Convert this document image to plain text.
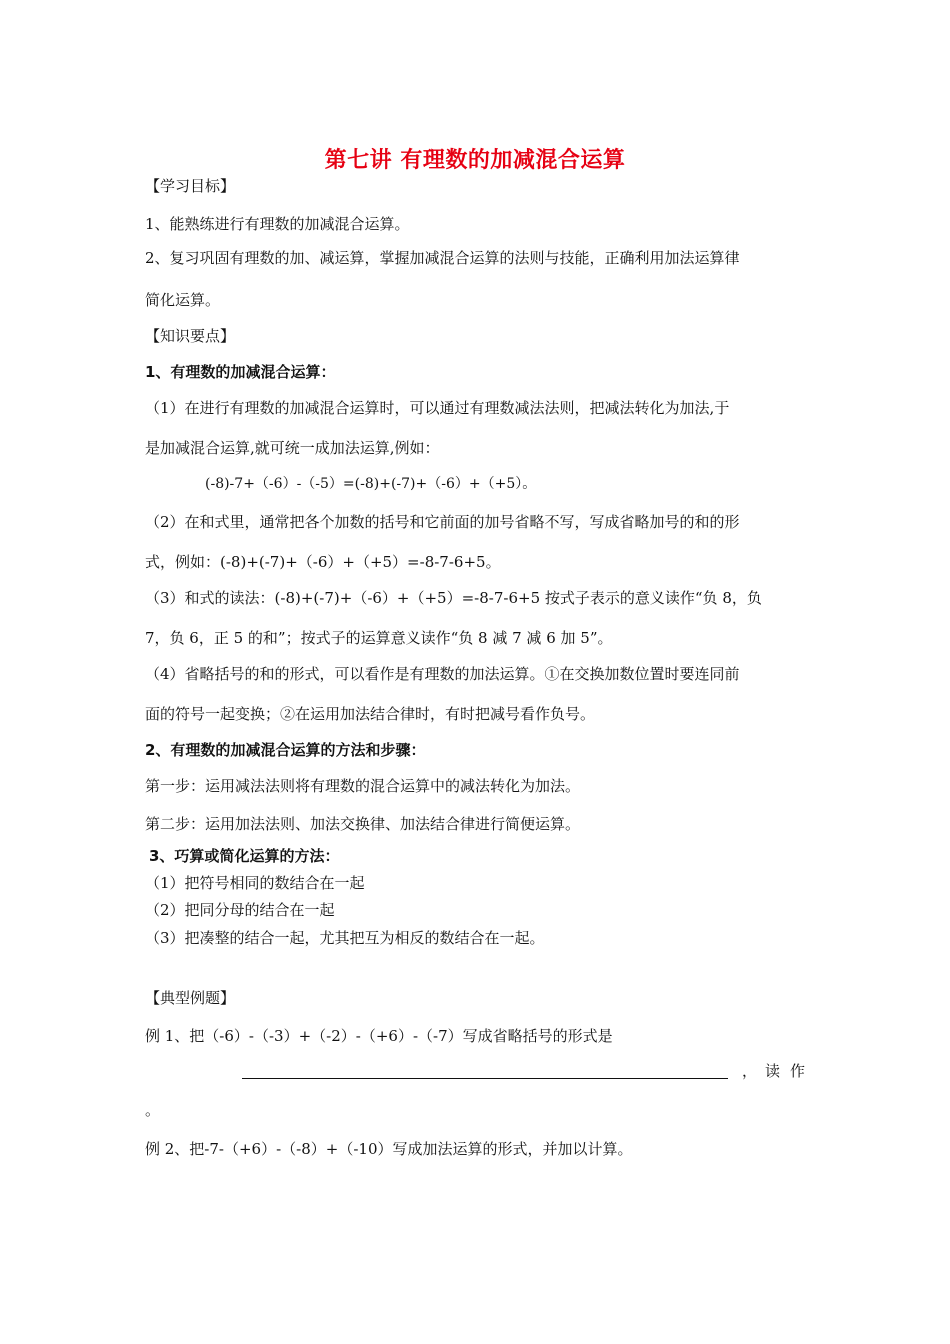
第七讲 有理数的加减混合运算
【学习目标】
1、能熟练进行有理数的加减混合运算。
2、复习巩固有理数的加、减运算，掌握加减混合运算的法则与技能，正确利用加法运算律
简化运算。
【知识要点】
1、有理数的加减混合运算：
（1）在进行有理数的加减混合运算时，可以通过有理数减法法则，把减法转化为加法,于
是加减混合运算,就可统一成加法运算,例如：
(-8)-7+（-6）-（-5）=(-8)+(-7)+（-6）+（+5）。
（2）在和式里，通常把各个加数的括号和它前面的加号省略不写，写成省略加号的和的形
式，例如：(-8)+(-7)+（-6）+（+5）=-8-7-6+5。
（3）和式的读法：(-8)+(-7)+（-6）+（+5）=-8-7-6+5 按式子表示的意义读作“负 8，负
7，负 6，正 5 的和”；按式子的运算意义读作“负 8 减 7 减 6 加 5”。
（4）省略括号的和的形式，可以看作是有理数的加法运算。①在交换加数位置时要连同前
面的符号一起变换；②在运用加法结合律时，有时把减号看作负号。
2、有理数的加减混合运算的方法和步骤：
第一步：运用减法法则将有理数的混合运算中的减法转化为加法。
第二步：运用加法法则、加法交换律、加法结合律进行简便运算。
3、巧算或简化运算的方法：
（1）把符号相同的数结合在一起
（2）把同分母的结合在一起
（3）把凑整的结合一起，尤其把互为相反的数结合在一起。
【典型例题】
例 1、把（-6）-（-3）+（-2）-（+6）-（-7）写成省略括号的形式是
， 读作
。
例 2、把-7-（+6）-（-8）+（-10）写成加法运算的形式，并加以计算。
